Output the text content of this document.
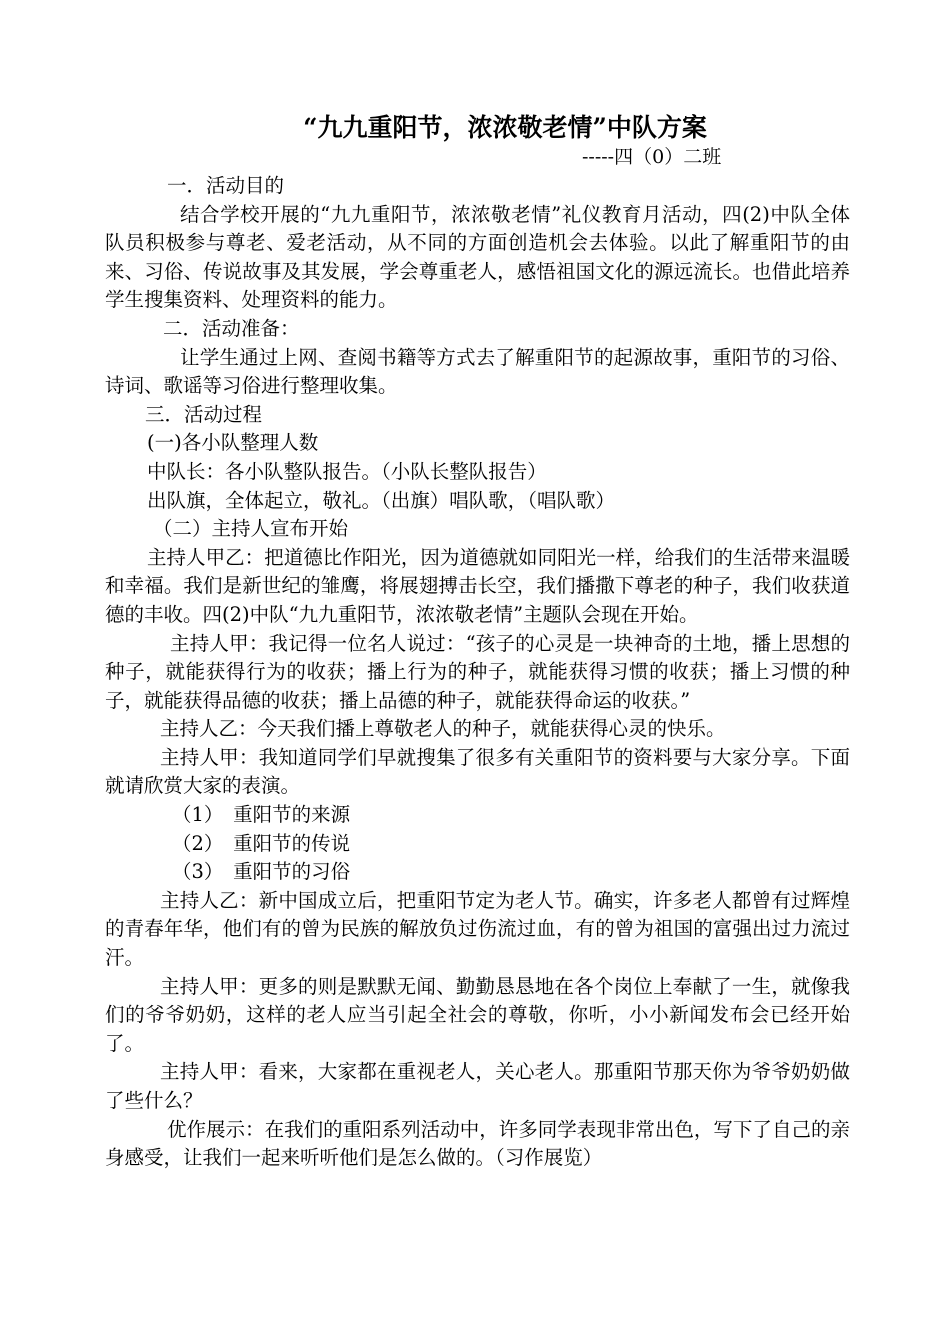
“九九重阳节，浓浓敬老情”中队方案
-----四（0）二班

一．活动目的

结合学校开展的“九九重阳节，浓浓敬老情”礼仪教育月活动，四(2)中队全体队员积极参与尊老、爱老活动，从不同的方面创造机会去体验。以此了解重阳节的由来、习俗、传说故事及其发展，学会尊重老人，感悟祖国文化的源远流长。也借此培养学生搜集资料、处理资料的能力。

二．活动准备：

让学生通过上网、查阅书籍等方式去了解重阳节的起源故事，重阳节的习俗、诗词、歌谣等习俗进行整理收集。

三．活动过程

(一)各小队整理人数

中队长：各小队整队报告。（小队长整队报告）

出队旗，全体起立，敬礼。（出旗）唱队歌，（唱队歌）

（二）主持人宣布开始

主持人甲乙：把道德比作阳光，因为道德就如同阳光一样，给我们的生活带来温暖和幸福。我们是新世纪的雏鹰，将展翅搏击长空，我们播撒下尊老的种子，我们收获道德的丰收。四(2)中队“九九重阳节，浓浓敬老情”主题队会现在开始。

主持人甲：我记得一位名人说过：“孩子的心灵是一块神奇的土地，播上思想的种子，就能获得行为的收获；播上行为的种子，就能获得习惯的收获；播上习惯的种子，就能获得品德的收获；播上品德的种子，就能获得命运的收获。”

主持人乙：今天我们播上尊敬老人的种子，就能获得心灵的快乐。

主持人甲：我知道同学们早就搜集了很多有关重阳节的资料要与大家分享。下面就请欣赏大家的表演。

（1）　重阳节的来源

（2）　重阳节的传说

（3）　重阳节的习俗

主持人乙：新中国成立后，把重阳节定为老人节。确实，许多老人都曾有过辉煌的青春年华，他们有的曾为民族的解放负过伤流过血，有的曾为祖国的富强出过力流过汗。

主持人甲：更多的则是默默无闻、勤勤恳恳地在各个岗位上奉献了一生，就像我们的爷爷奶奶，这样的老人应当引起全社会的尊敬，你听，小小新闻发布会已经开始了。

主持人甲：看来，大家都在重视老人，关心老人。那重阳节那天你为爷爷奶奶做了些什么？

优作展示：在我们的重阳系列活动中，许多同学表现非常出色，写下了自己的亲身感受，让我们一起来听听他们是怎么做的。（习作展览）
